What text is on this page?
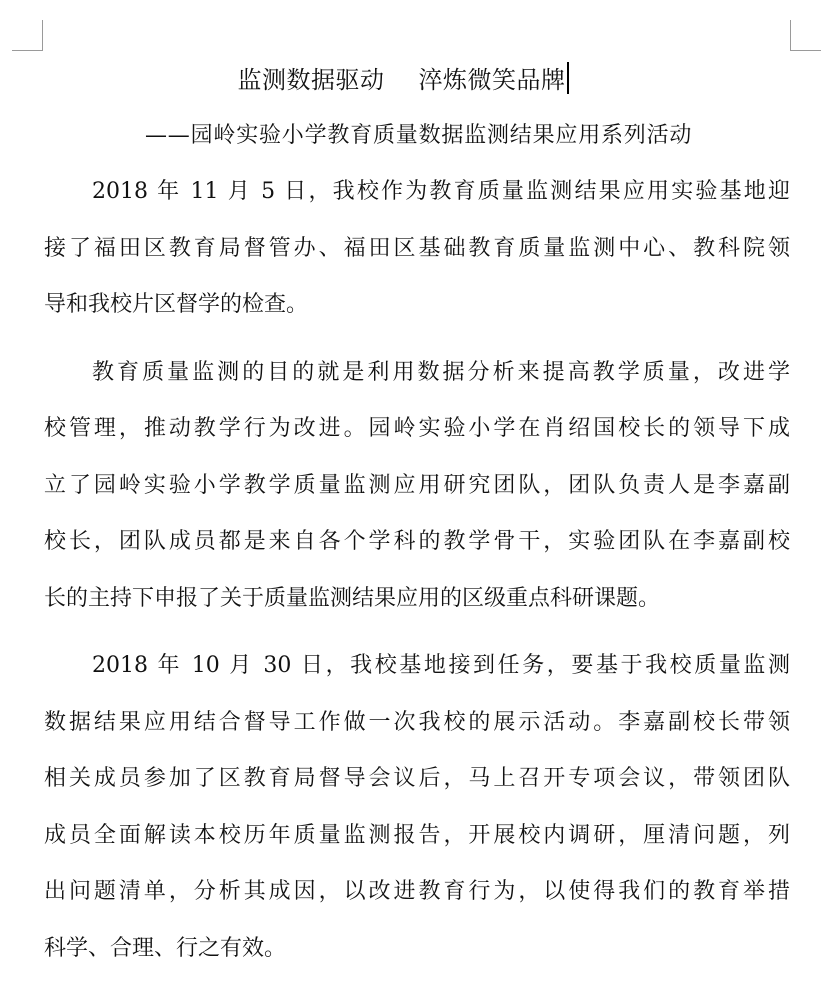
监测数据驱动 淬炼微笑品牌
——园岭实验小学教育质量数据监测结果应用系列活动
2018 年 11 月 5 日，我校作为教育质量监测结果应用实验基地迎
接了福田区教育局督管办、福田区基础教育质量监测中心、教科院领
导和我校片区督学的检查。
教育质量监测的目的就是利用数据分析来提高教学质量，改进学
校管理，推动教学行为改进。园岭实验小学在肖绍国校长的领导下成
立了园岭实验小学教学质量监测应用研究团队，团队负责人是李嘉副
校长，团队成员都是来自各个学科的教学骨干，实验团队在李嘉副校
长的主持下申报了关于质量监测结果应用的区级重点科研课题。
2018 年 10 月 30 日，我校基地接到任务，要基于我校质量监测
数据结果应用结合督导工作做一次我校的展示活动。李嘉副校长带领
相关成员参加了区教育局督导会议后，马上召开专项会议，带领团队
成员全面解读本校历年质量监测报告，开展校内调研，厘清问题，列
出问题清单，分析其成因，以改进教育行为，以使得我们的教育举措
科学、合理、行之有效。
